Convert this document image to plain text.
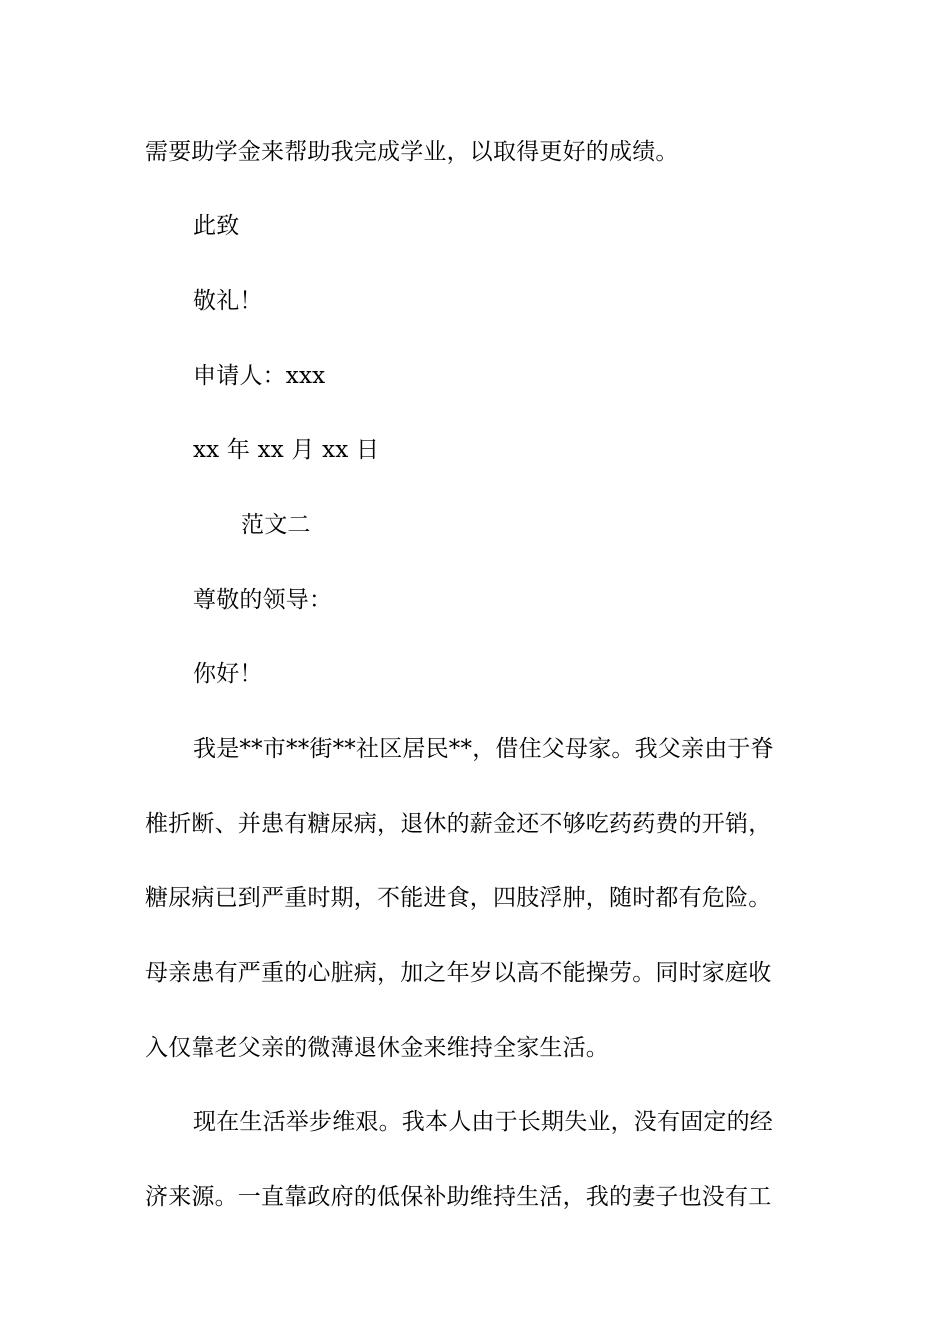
需要助学金来帮助我完成学业，以取得更好的成绩。
此致
敬礼！
申请人：xxx
xx 年 xx 月 xx 日
范文二
尊敬的领导：
你好！
我是**市**街**社区居民**，借住父母家。我父亲由于脊
椎折断、并患有糖尿病，退休的薪金还不够吃药药费的开销，
糖尿病已到严重时期，不能进食，四肢浮肿，随时都有危险。
母亲患有严重的心脏病，加之年岁以高不能操劳。同时家庭收
入仅靠老父亲的微薄退休金来维持全家生活。
现在生活举步维艰。我本人由于长期失业，没有固定的经
济来源。一直靠政府的低保补助维持生活，我的妻子也没有工
